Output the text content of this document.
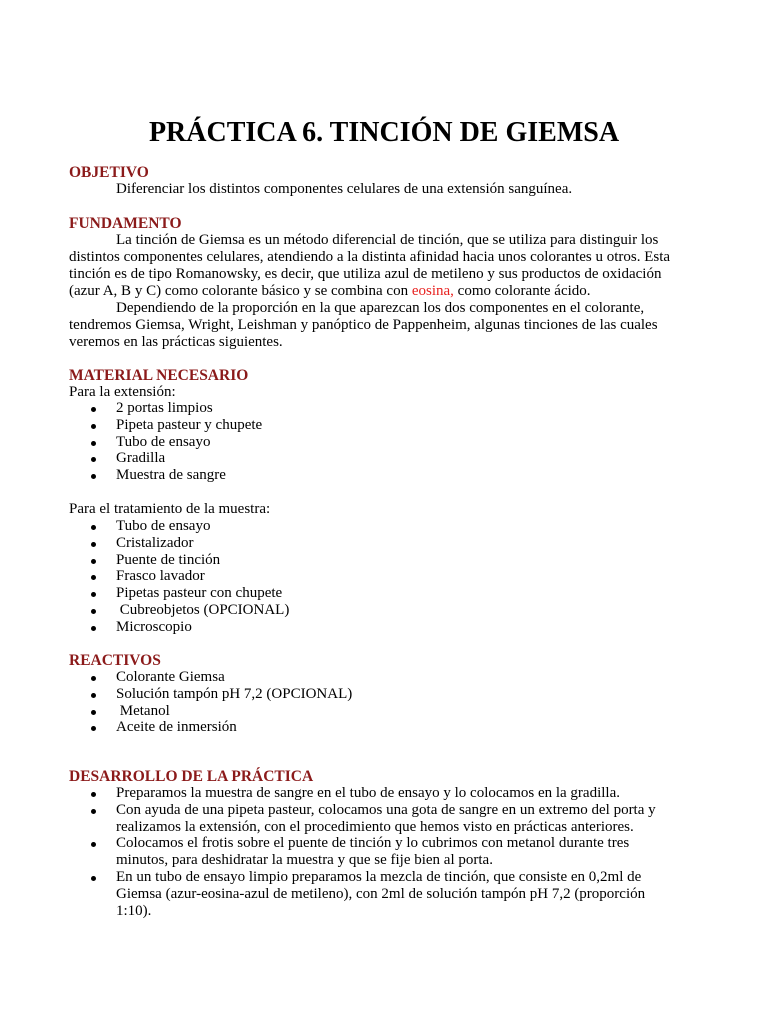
PRÁCTICA 6. TINCIÓN DE GIEMSA
OBJETIVO
Diferenciar los distintos componentes celulares de una extensión sanguínea.
FUNDAMENTO
La tinción de Giemsa es un método diferencial de tinción, que se utiliza para distinguir los
distintos componentes celulares, atendiendo a la distinta afinidad hacia unos colorantes u otros. Esta
tinción es de tipo Romanowsky, es decir, que utiliza azul de metileno y sus productos de oxidación
(azur A, B y C) como colorante básico y se combina con eosina, como colorante ácido.
Dependiendo de la proporción en la que aparezcan los dos componentes en el colorante,
tendremos Giemsa, Wright, Leishman y panóptico de Pappenheim, algunas tinciones de las cuales
veremos en las prácticas siguientes.
MATERIAL NECESARIO
Para la extensión:
2 portas limpios
Pipeta pasteur y chupete
Tubo de ensayo
Gradilla
Muestra de sangre
Para el tratamiento de la muestra:
Tubo de ensayo
Cristalizador
Puente de tinción
Frasco lavador
Pipetas pasteur con chupete
Cubreobjetos (OPCIONAL)
Microscopio
REACTIVOS
Colorante Giemsa
Solución tampón pH 7,2 (OPCIONAL)
Metanol
Aceite de inmersión
DESARROLLO DE LA PRÁCTICA
Preparamos la muestra de sangre en el tubo de ensayo y lo colocamos en la gradilla.
Con ayuda de una pipeta pasteur, colocamos una gota de sangre en un extremo del porta y
realizamos la extensión, con el procedimiento que hemos visto en prácticas anteriores.
Colocamos el frotis sobre el puente de tinción y lo cubrimos con metanol durante tres
minutos, para deshidratar la muestra y que se fije bien al porta.
En un tubo de ensayo limpio preparamos la mezcla de tinción, que consiste en 0,2ml de
Giemsa (azur-eosina-azul de metileno), con 2ml de solución tampón pH 7,2 (proporción
1:10).
